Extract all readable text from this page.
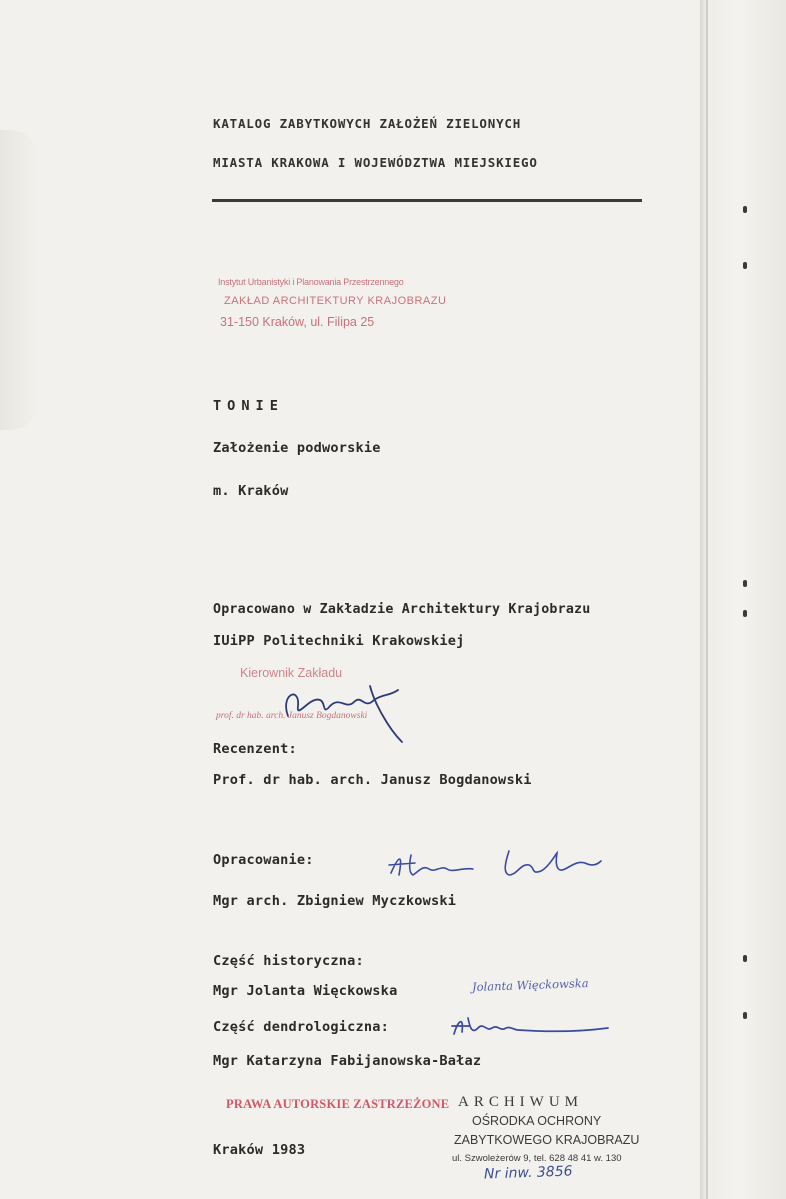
KATALOG ZABYTKOWYCH ZAŁOŻEŃ ZIELONYCH
MIASTA KRAKOWA I WOJEWÓDZTWA MIEJSKIEGO
Instytut Urbanistyki i Planowania Przestrzennego
ZAKŁAD ARCHITEKTURY KRAJOBRAZU
31-150 Kraków, ul. Filipa 25
TONIE
Założenie podworskie
m. Kraków
Opracowano w Zakładzie Architektury Krajobrazu
IUiPP Politechniki Krakowskiej
Kierownik Zakładu
prof. dr hab. arch. Janusz Bogdanowski
Recenzent:
Prof. dr hab. arch. Janusz Bogdanowski
Opracowanie:
Mgr arch. Zbigniew Myczkowski
Część historyczna:
Mgr Jolanta Więckowska	Jolanta Więckowska
Część dendrologiczna:
Mgr Katarzyna Fabijanowska-Bałaz
PRAWA AUTORSKIE ZASTRZEŻONE ARCHIWUM
OŚRODKA OCHRONY
ZABYTKOWEGO KRAJOBRAZU
ul. Szwoleżerów 9, tel. 628 48 41 w. 130
Kraków 1983
Nr inw. 3856
